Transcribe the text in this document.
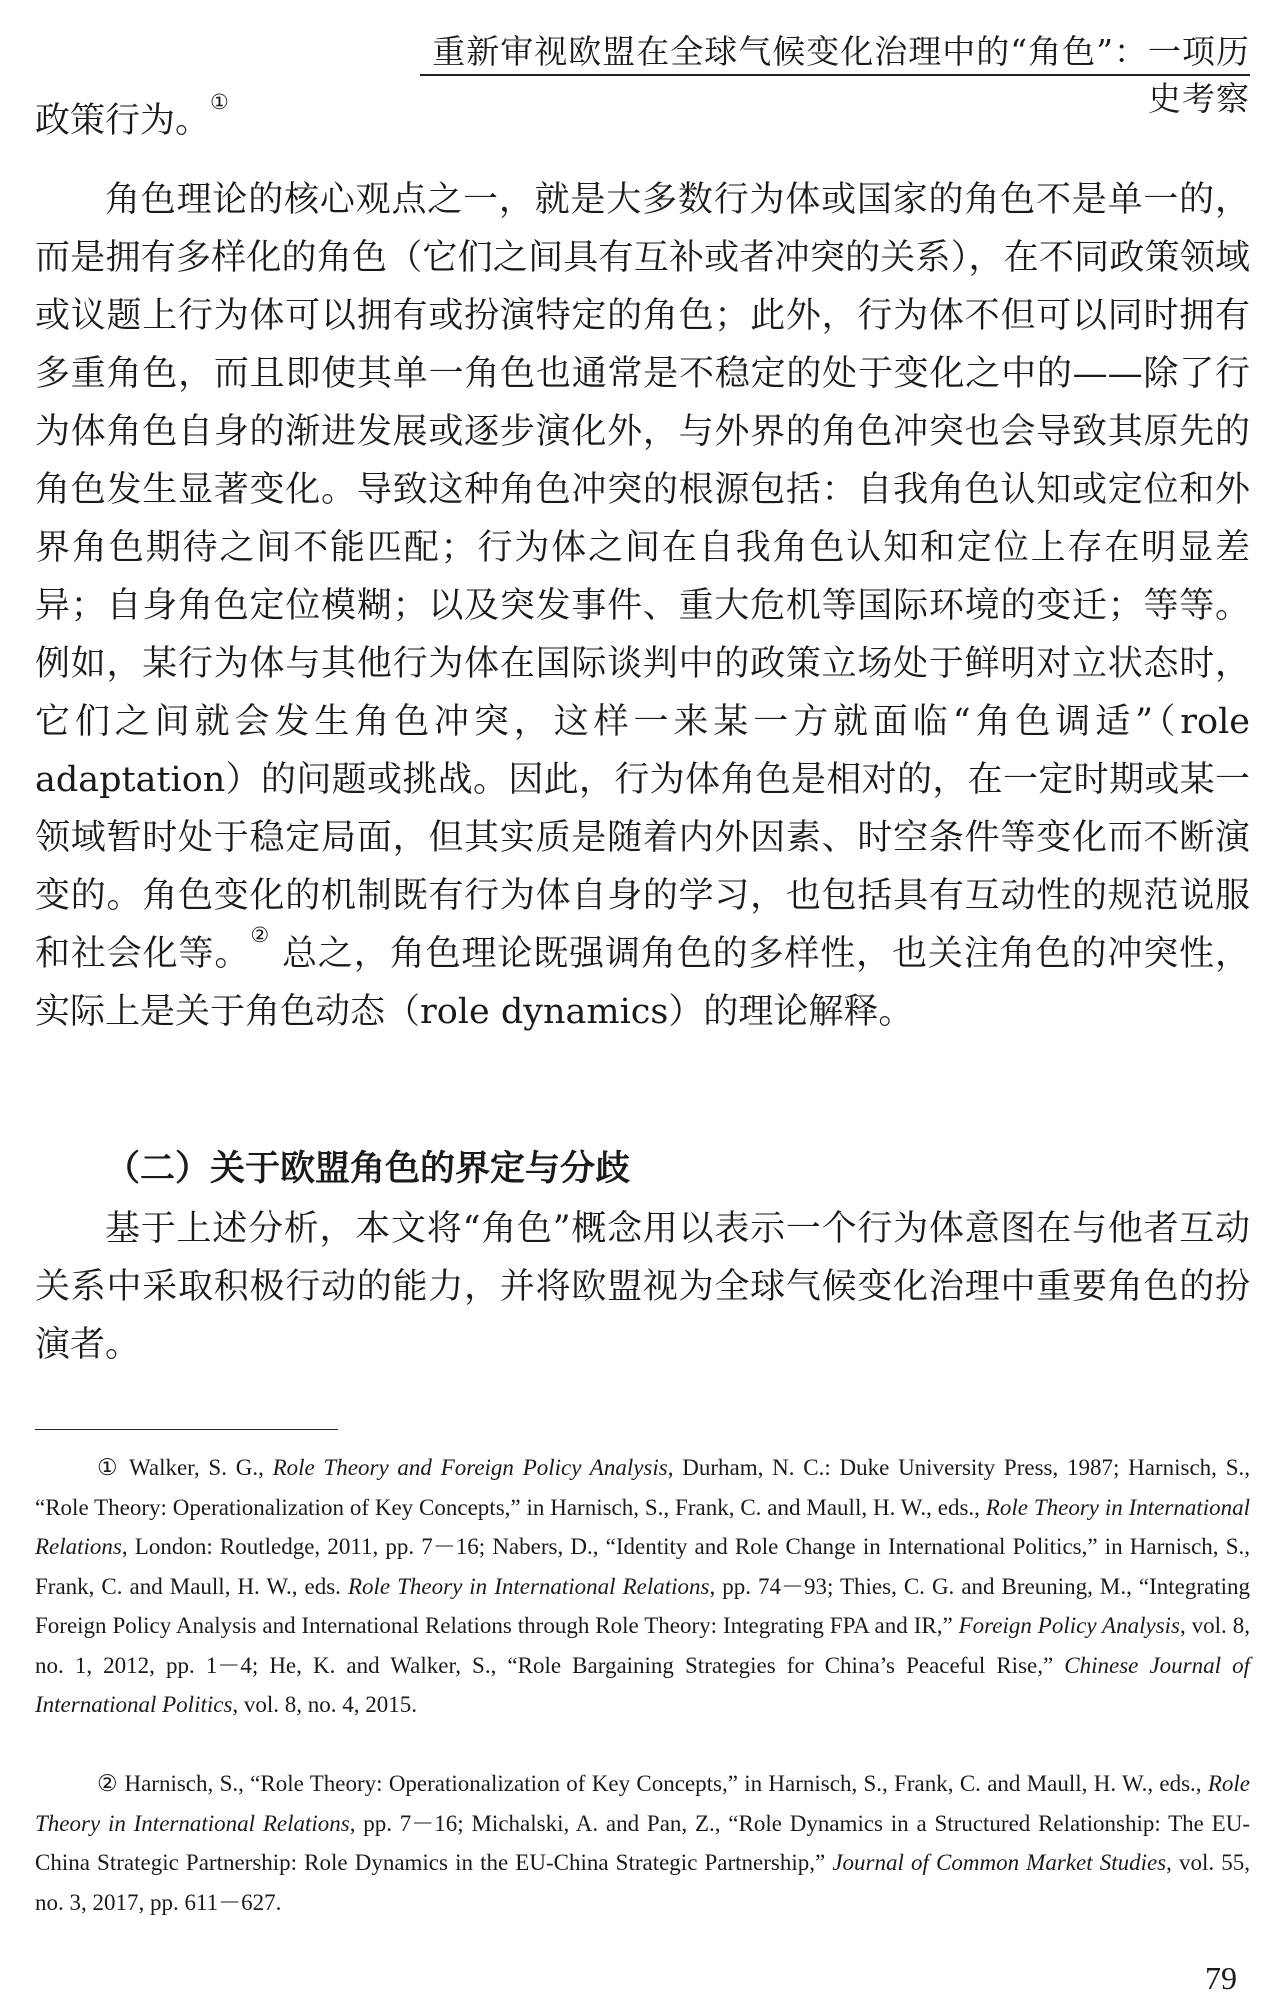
重新审视欧盟在全球气候变化治理中的“角色”：一项历史考察

政策行为。①

角色理论的核心观点之一，就是大多数行为体或国家的角色不是单一的，而是拥有多样化的角色（它们之间具有互补或者冲突的关系），在不同政策领域或议题上行为体可以拥有或扮演特定的角色；此外，行为体不但可以同时拥有多重角色，而且即使其单一角色也通常是不稳定的处于变化之中的——除了行为体角色自身的渐进发展或逐步演化外，与外界的角色冲突也会导致其原先的角色发生显著变化。导致这种角色冲突的根源包括：自我角色认知或定位和外界角色期待之间不能匹配；行为体之间在自我角色认知和定位上存在明显差异；自身角色定位模糊；以及突发事件、重大危机等国际环境的变迁；等等。例如，某行为体与其他行为体在国际谈判中的政策立场处于鲜明对立状态时，它们之间就会发生角色冲突，这样一来某一方就面临“角色调适”（role adaptation）的问题或挑战。因此，行为体角色是相对的，在一定时期或某一领域暂时处于稳定局面，但其实质是随着内外因素、时空条件等变化而不断演变的。角色变化的机制既有行为体自身的学习，也包括具有互动性的规范说服和社会化等。② 总之，角色理论既强调角色的多样性，也关注角色的冲突性，实际上是关于角色动态（role dynamics）的理论解释。

（二）关于欧盟角色的界定与分歧

基于上述分析，本文将“角色”概念用以表示一个行为体意图在与他者互动关系中采取积极行动的能力，并将欧盟视为全球气候变化治理中重要角色的扮演者。

① Walker, S. G., Role Theory and Foreign Policy Analysis, Durham, N. C.: Duke University Press, 1987; Harnisch, S., “Role Theory: Operationalization of Key Concepts,” in Harnisch, S., Frank, C. and Maull, H. W., eds., Role Theory in International Relations, London: Routledge, 2011, pp. 7－16; Nabers, D., “Identity and Role Change in International Politics,” in Harnisch, S., Frank, C. and Maull, H. W., eds. Role Theory in International Relations, pp. 74－93; Thies, C. G. and Breuning, M., “Integrating Foreign Policy Analysis and International Relations through Role Theory: Integrating FPA and IR,” Foreign Policy Analysis, vol. 8, no. 1, 2012, pp. 1－4; He, K. and Walker, S., “Role Bargaining Strategies for China’s Peaceful Rise,” Chinese Journal of International Politics, vol. 8, no. 4, 2015.

② Harnisch, S., “Role Theory: Operationalization of Key Concepts,” in Harnisch, S., Frank, C. and Maull, H. W., eds., Role Theory in International Relations, pp. 7－16; Michalski, A. and Pan, Z., “Role Dynamics in a Structured Relationship: The EU-China Strategic Partnership: Role Dynamics in the EU-China Strategic Partnership,” Journal of Common Market Studies, vol. 55, no. 3, 2017, pp. 611－627.

79
